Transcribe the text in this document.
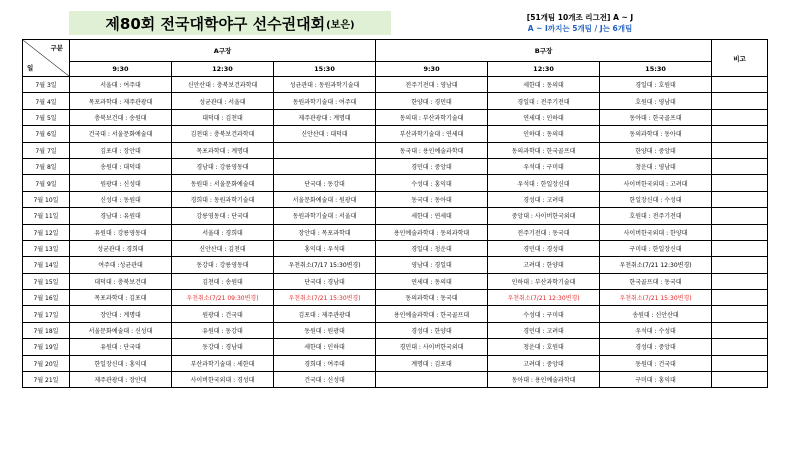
제80회 전국대학야구 선수권대회 (보은)
[51개팀 10개조 리그전] A ~ J
A ~ I까지는 5개팀 / J는 6개팀
구분
일	A구장			B구장			비고
	9:30	12:30	15:30	9:30	12:30	15:30	
7월 3일	서울대 : 여주대	신안산대 : 충북보건과학대	성균관대 : 동원과학기술대	전주기전대 : 영남대	세한대 : 동의대	경일대 : 호원대	
7월 4일	목포과학대 : 제주관광대	성균관대 : 서울대	동원과학기술대 : 여주대	한양대 : 경민대	경일대 : 전주기전대	호원대 : 영남대	
7월 5일	충북보건대 : 송원대	대덕대 : 김천대	제주관광대 : 계명대	동의대 : 부산과학기술대	연세대 : 인하대	동아대 : 한국골프대	
7월 6일	건국대 : 서울문화예술대	김천대 : 충북보건과학대	신안산대 : 대덕대	부산과학기술대 : 연세대	인하대 : 동의대	동의과학대 : 동아대	
7월 7일	김포대 : 장안대	목포과학대 : 계명대		동국대 : 용인예술과학대	동의과학대 : 한국골프대	한양대 : 중앙대	
7월 8일	송원대 : 대덕대	경남대 : 강릉영동대		경민대 : 중앙대	우석대 : 구미대	청운대 : 영남대	
7월 9일	원광대 : 신성대	동원대 : 서울문화예술대	단국대 : 동강대	수성대 : 홍익대	우석대 : 한일장신대	사이버한국외대 : 고려대	
7월 10일	신성대 : 동원대	경희대 : 동원과학기술대	서울문화예술대 : 원광대	동국대 : 동아대	경성대 : 고려대	한일장신대 : 수성대	
7월 11일	경남대 : 유원대	강릉영동대 : 단국대	동원과학기술대 : 서울대	세한대 : 연세대	중앙대 : 사이버한국외대	호원대 : 전주기전대	
7월 12일	유원대 : 강릉영동대	서울대 : 경희대	장안대 : 목포과학대	용인예술과학대 : 동의과학대	전주기전대 : 동국대	사이버한국외대 : 한양대	
7월 13일	성균관대 : 경희대	신안산대 : 김천대	홍익대 : 우석대	경일대 : 청운대	경민대 : 경성대	구미대 : 한일장신대	
7월 14일	여주대 :성균관대	동강대 : 강릉영동대	우천취소(7/17 15:30변경)	영남대 : 경일대	고려대 : 한양대	우천취소(7/21 12:30변경)	
7월 15일	대덕대 : 충북보건대	김천대 : 송원대	단국대 : 경남대	연세대 : 동의대	인하대 : 부산과학기술대	한국골프대 : 동국대	
7월 16일	목포과학대 : 김포대	우천취소(7/21 09:30변경)	우천취소(7/21 15:30변경)	동의과학대 : 동국대	우천취소(7/21 12:30변경)	우천취소(7/21 15:30변경)	
7월 17일	장안대 : 계명대	원광대 : 건국대	김포대 : 제주관광대	용인예술과학대 : 한국골프대	수성대 : 구미대	송원대 : 신안산대	
7월 18일	서울문화예술대 : 신성대	유원대 : 동강대	동원대 : 원광대	경성대 : 한양대	경민대 : 고려대	우석대 : 수성대	
7월 19일	유원대 : 단국대	동강대 : 경남대	세한대 : 인하대	경민대 : 사이버한국외대	청운대 : 호원대	경성대 : 중앙대	
7월 20일	한일장신대 : 홍익대	부산과학기술대 : 세한대	경희대 : 여주대	계명대 : 김포대	고려대 : 중앙대	동원대 : 건국대	
7월 21일	제주관광대 : 장안대	사이버한국외대 : 경성대	건국대 : 신성대		동아대 : 용인예술과학대	구미대 : 홍익대	
